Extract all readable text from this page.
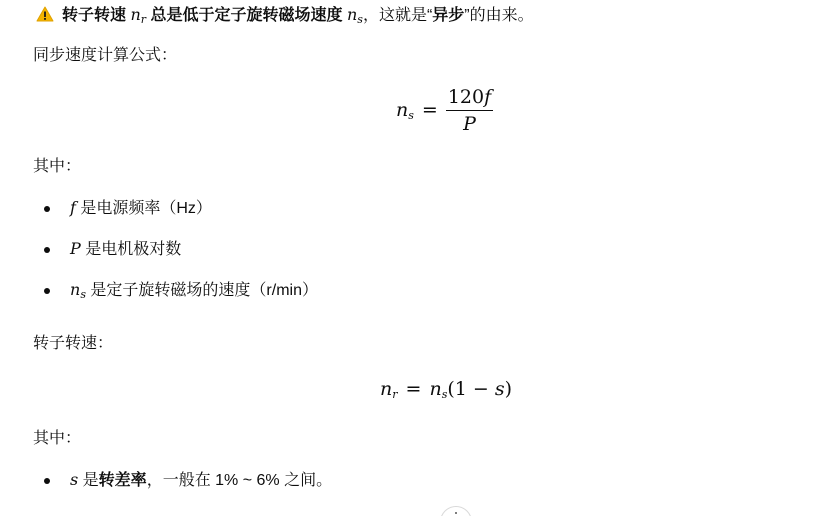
转子转速 $n_r$ 总是低于定子旋转磁场速度 $n_s$，这就是“异步”的由来。
同步速度计算公式：
$n_s = \frac{120f}{P}$
其中：
f 是电源频率（Hz）
P 是电机极对数
$n_s$ 是定子旋转磁场的速度（r/min）
转子转速：
$n_r = n_s(1 - s)$
其中：
s 是转差率，一般在 1% ~ 6% 之间。
